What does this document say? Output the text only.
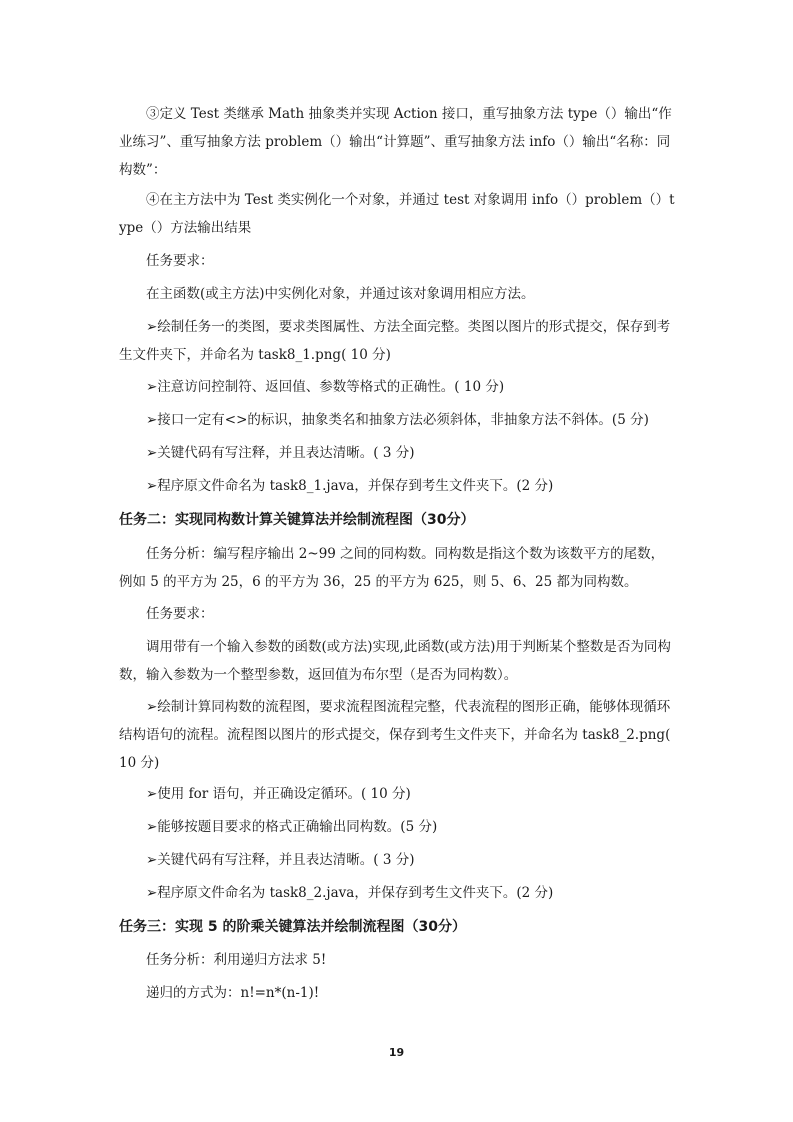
③定义 Test 类继承 Math 抽象类并实现 Action 接口，重写抽象方法 type（）输出“作业练习”、重写抽象方法 problem（）输出“计算题”、重写抽象方法 info（）输出“名称：同构数”：

④在主方法中为 Test 类实例化一个对象，并通过 test 对象调用 info（）problem（）type（）方法输出结果

任务要求：

在主函数(或主方法)中实例化对象，并通过该对象调用相应方法。

➢绘制任务一的类图，要求类图属性、方法全面完整。类图以图片的形式提交，保存到考生文件夹下，并命名为 task8_1.png( 10 分)

➢注意访问控制符、返回值、参数等格式的正确性。( 10 分)

➢接口一定有<>的标识，抽象类名和抽象方法必须斜体，非抽象方法不斜体。(5 分)

➢关键代码有写注释，并且表达清晰。( 3 分)

➢程序原文件命名为 task8_1.java，并保存到考生文件夹下。(2 分)

任务二：实现同构数计算关键算法并绘制流程图（30分）

任务分析：编写程序输出 2~99 之间的同构数。同构数是指这个数为该数平方的尾数，例如 5 的平方为 25，6 的平方为 36，25 的平方为 625，则 5、6、25 都为同构数。

任务要求：

调用带有一个输入参数的函数(或方法)实现,此函数(或方法)用于判断某个整数是否为同构数，输入参数为一个整型参数，返回值为布尔型（是否为同构数）。

➢绘制计算同构数的流程图，要求流程图流程完整，代表流程的图形正确，能够体现循环结构语句的流程。流程图以图片的形式提交，保存到考生文件夹下，并命名为 task8_2.png( 10 分)

➢使用 for 语句，并正确设定循环。( 10 分)

➢能够按题目要求的格式正确输出同构数。(5 分)

➢关键代码有写注释，并且表达清晰。( 3 分)

➢程序原文件命名为 task8_2.java，并保存到考生文件夹下。(2 分)

任务三：实现 5 的阶乘关键算法并绘制流程图（30分）

任务分析：利用递归方法求 5!

递归的方式为：n!=n*(n-1)!

19
